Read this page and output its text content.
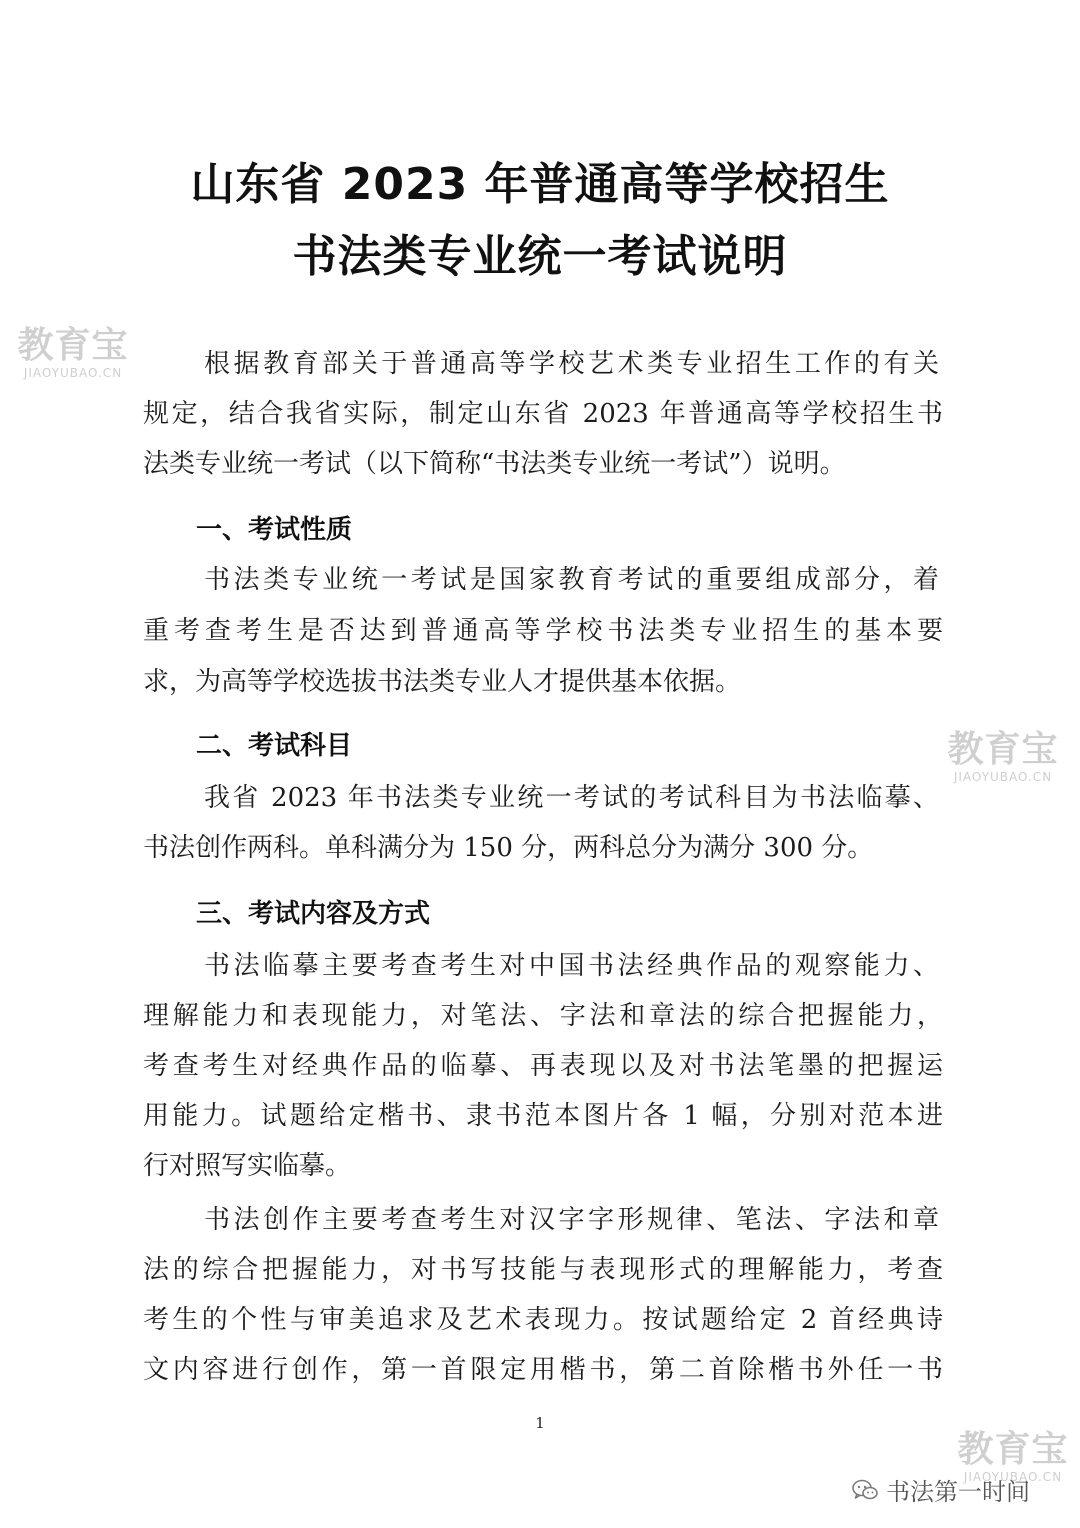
山东省 2023 年普通高等学校招生
书法类专业统一考试说明
根据教育部关于普通高等学校艺术类专业招生工作的有关
规定，结合我省实际，制定山东省 2023 年普通高等学校招生书
法类专业统一考试（以下简称“书法类专业统一考试”）说明。
一、考试性质
书法类专业统一考试是国家教育考试的重要组成部分，着
重考查考生是否达到普通高等学校书法类专业招生的基本要
求，为高等学校选拔书法类专业人才提供基本依据。
二、考试科目
我省 2023 年书法类专业统一考试的考试科目为书法临摹、
书法创作两科。单科满分为 150 分，两科总分为满分 300 分。
三、考试内容及方式
书法临摹主要考查考生对中国书法经典作品的观察能力、
理解能力和表现能力，对笔法、字法和章法的综合把握能力，
考查考生对经典作品的临摹、再表现以及对书法笔墨的把握运
用能力。试题给定楷书、隶书范本图片各 1 幅，分别对范本进
行对照写实临摹。
书法创作主要考查考生对汉字字形规律、笔法、字法和章
法的综合把握能力，对书写技能与表现形式的理解能力，考查
考生的个性与审美追求及艺术表现力。按试题给定 2 首经典诗
文内容进行创作，第一首限定用楷书，第二首除楷书外任一书
1
教育宝
JIAOYUBAO.CN
教育宝
JIAOYUBAO.CN
教育宝
JIAOYUBAO.CN
书法第一时间
